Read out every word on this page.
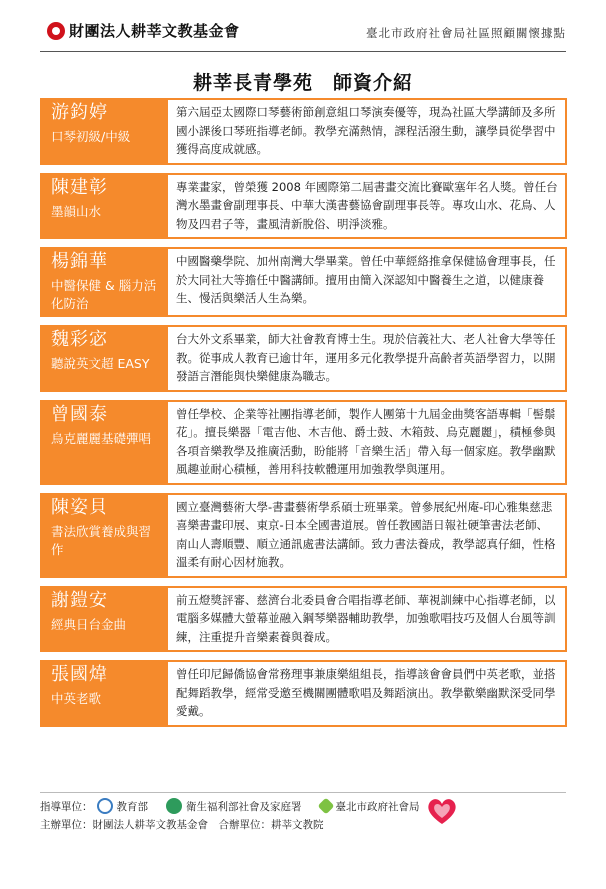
財團法人耕莘文教基金會	臺北市政府社會局社區照顧關懷據點
耕莘長青學苑　師資介紹
游鈞婷
口琴初級/中級
第六屆亞太國際口琴藝術節創意組口琴演奏優等，現為社區大學講師及多所國小課後口琴班指導老師。教學充滿熱情，課程活潑生動，讓學員從學習中獲得高度成就感。
陳建彰
墨韻山水
專業畫家，曾榮獲 2008 年國際第二屆書畫交流比賽歐塞年名人獎。曾任台灣水墨畫會副理事長、中華大漢書藝協會副理事長等。專攻山水、花鳥、人物及四君子等，畫風清新脫俗、明淨淡雅。
楊錦華
中醫保健 & 腦力活化防治
中國醫藥學院、加州南灣大學畢業。曾任中華經絡推拿保健協會理事長，任於大同社大等擔任中醫講師。擅用由簡入深認知中醫養生之道，以健康養生、慢活與樂活人生為樂。
魏彩宓
聽說英文超 EASY
台大外文系畢業，師大社會教育博士生。現於信義社大、老人社會大學等任教。從事成人教育已逾廿年，運用多元化教學提升高齡者英語學習力，以開發語言潛能與快樂健康為職志。
曾國泰
烏克麗麗基礎彈唱
曾任學校、企業等社團指導老師，製作人團第十九屆金曲獎客語專輯「髻鬃花」。擅長樂器「電吉他、木吉他、爵士鼓、木箱鼓、烏克麗麗」，積極參與各項音樂教學及推廣活動，盼能將「音樂生活」帶入每一個家庭。教學幽默風趣並耐心積極，善用科技軟體運用加強教學與運用。
陳姿貝
書法欣賞養成與習作
國立臺灣藝術大學-書畫藝術學系碩士班畢業。曾參展紀州庵-印心雅集慈悲喜樂書畫印展、東京-日本全國書道展。曾任教國語日報社硬筆書法老師、南山人壽順豐、順立通訊處書法講師。致力書法養成，教學認真仔細，性格溫柔有耐心因材施教。
謝鎧安
經典日台金曲
前五燈獎評審、慈濟台北委員會合唱指導老師、華視訓練中心指導老師，以電腦多媒體大螢幕並融入鋼琴樂器輔助教學，加強歌唱技巧及個人台風等訓練，注重提升音樂素養與養成。
張國煒
中英老歌
曾任印尼歸僑協會常務理事兼康樂組組長，指導該會會員們中英老歌，並搭配舞蹈教學，經常受邀至機關團體歌唱及舞蹈演出。教學歡樂幽默深受同學愛戴。
指導單位： 教育部	衛生福利部社會及家庭署	臺北市政府社會局
主辦單位：財團法人耕莘文教基金會　合辦單位：耕莘文教院
